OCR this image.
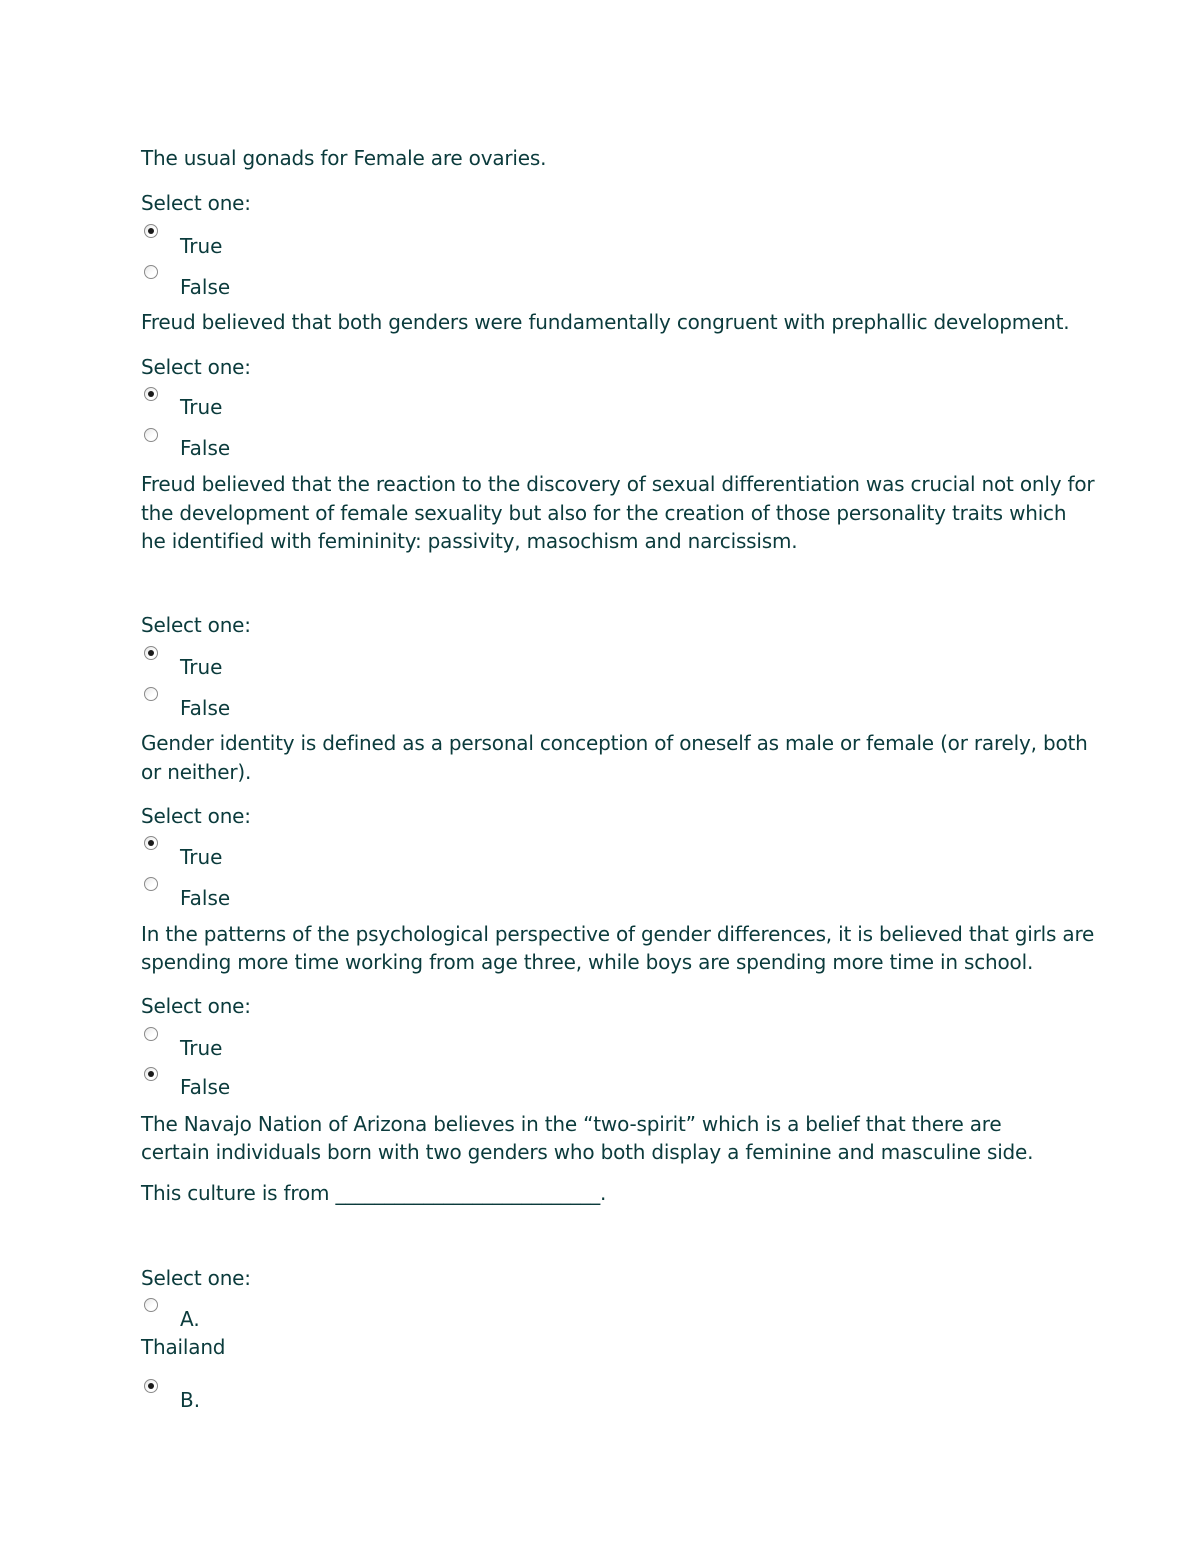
The usual gonads for Female are ovaries.
Select one:
True
False
Freud believed that both genders were fundamentally congruent with prephallic development.
Select one:
True
False
Freud believed that the reaction to the discovery of sexual differentiation was crucial not only for
the development of female sexuality but also for the creation of those personality traits which
he identified with femininity: passivity, masochism and narcissism.
Select one:
True
False
Gender identity is defined as a personal conception of oneself as male or female (or rarely, both
or neither).
Select one:
True
False
In the patterns of the psychological perspective of gender differences, it is believed that girls are
spending more time working from age three, while boys are spending more time in school.
Select one:
True
False
The Navajo Nation of Arizona believes in the “two-spirit” which is a belief that there are
certain individuals born with two genders who both display a feminine and masculine side.
This culture is from ___________________________.
Select one:
A.
Thailand
B.
